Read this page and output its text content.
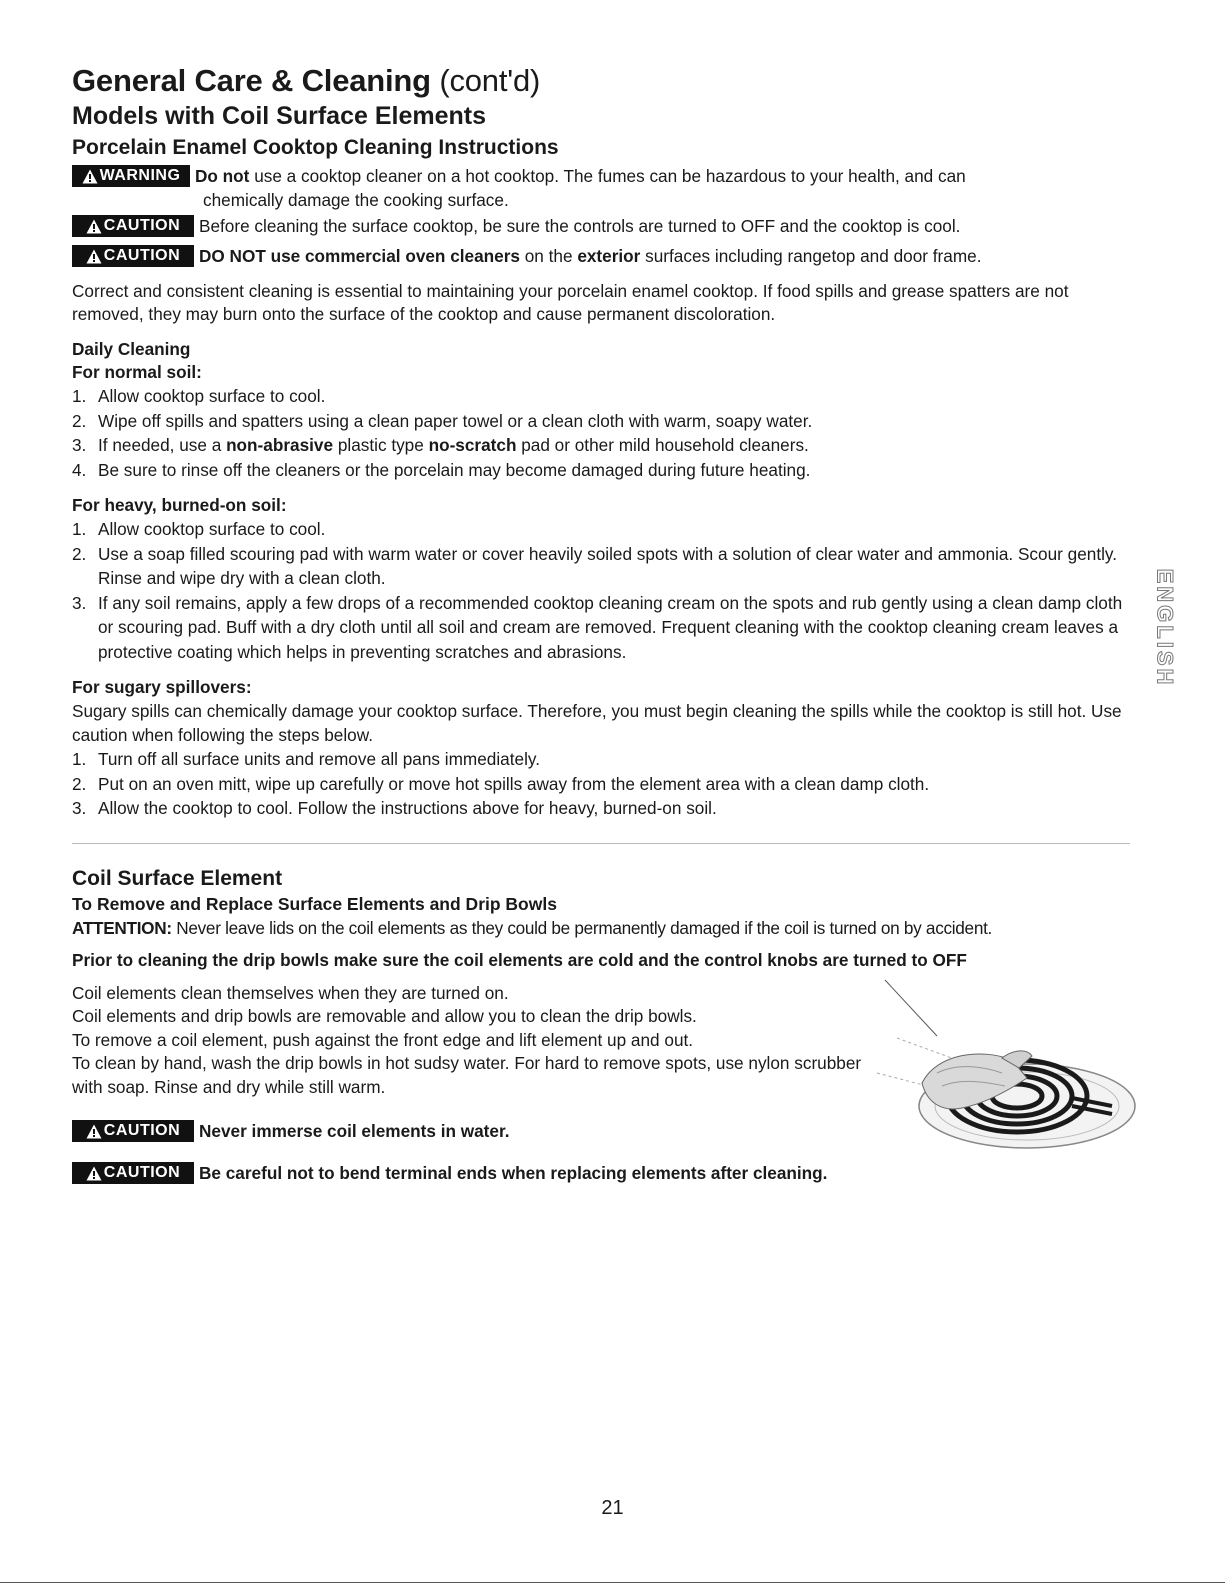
General Care & Cleaning (cont'd)
Models with Coil Surface Elements
Porcelain Enamel Cooktop Cleaning Instructions
WARNING Do not use a cooktop cleaner on a hot cooktop. The fumes can be hazardous to your health, and can
chemically damage the cooking surface.
CAUTION Before cleaning the surface cooktop, be sure the controls are turned to OFF and the cooktop is cool.
CAUTION DO NOT use commercial oven cleaners on the exterior surfaces including rangetop and door frame.

Correct and consistent cleaning is essential to maintaining your porcelain enamel cooktop. If food spills and grease spatters are not removed, they may burn onto the surface of the cooktop and cause permanent discoloration.

Daily Cleaning
For normal soil:
1. Allow cooktop surface to cool.
2. Wipe off spills and spatters using a clean paper towel or a clean cloth with warm, soapy water.
3. If needed, use a non-abrasive plastic type no-scratch pad or other mild household cleaners.
4. Be sure to rinse off the cleaners or the porcelain may become damaged during future heating.
For heavy, burned-on soil:
1. Allow cooktop surface to cool.
2. Use a soap filled scouring pad with warm water or cover heavily soiled spots with a solution of clear water and ammonia. Scour gently. Rinse and wipe dry with a clean cloth.
3. If any soil remains, apply a few drops of a recommended cooktop cleaning cream on the spots and rub gently using a clean damp cloth or scouring pad. Buff with a dry cloth until all soil and cream are removed. Frequent cleaning with the cooktop cleaning cream leaves a protective coating which helps in preventing scratches and abrasions.
For sugary spillovers:

Sugary spills can chemically damage your cooktop surface. Therefore, you must begin cleaning the spills while the cooktop is still hot. Use caution when following the steps below.

1. Turn off all surface units and remove all pans immediately.
2. Put on an oven mitt, wipe up carefully or move hot spills away from the element area with a clean damp cloth.
3. Allow the cooktop to cool. Follow the instructions above for heavy, burned-on soil.
Coil Surface Element
To Remove and Replace Surface Elements and Drip Bowls

ATTENTION: Never leave lids on the coil elements as they could be permanently damaged if the coil is turned on by accident.

Prior to cleaning the drip bowls make sure the coil elements are cold and the control knobs are turned to OFF

Coil elements clean themselves when they are turned on.
Coil elements and drip bowls are removable and allow you to clean the drip bowls.
To remove a coil element, push against the front edge and lift element up and out.
To clean by hand, wash the drip bowls in hot sudsy water. For hard to remove spots, use nylon scrubber with soap. Rinse and dry while still warm.
CAUTION Never immerse coil elements in water.
CAUTION Be careful not to bend terminal ends when replacing elements after cleaning.
ENGLISH
21
